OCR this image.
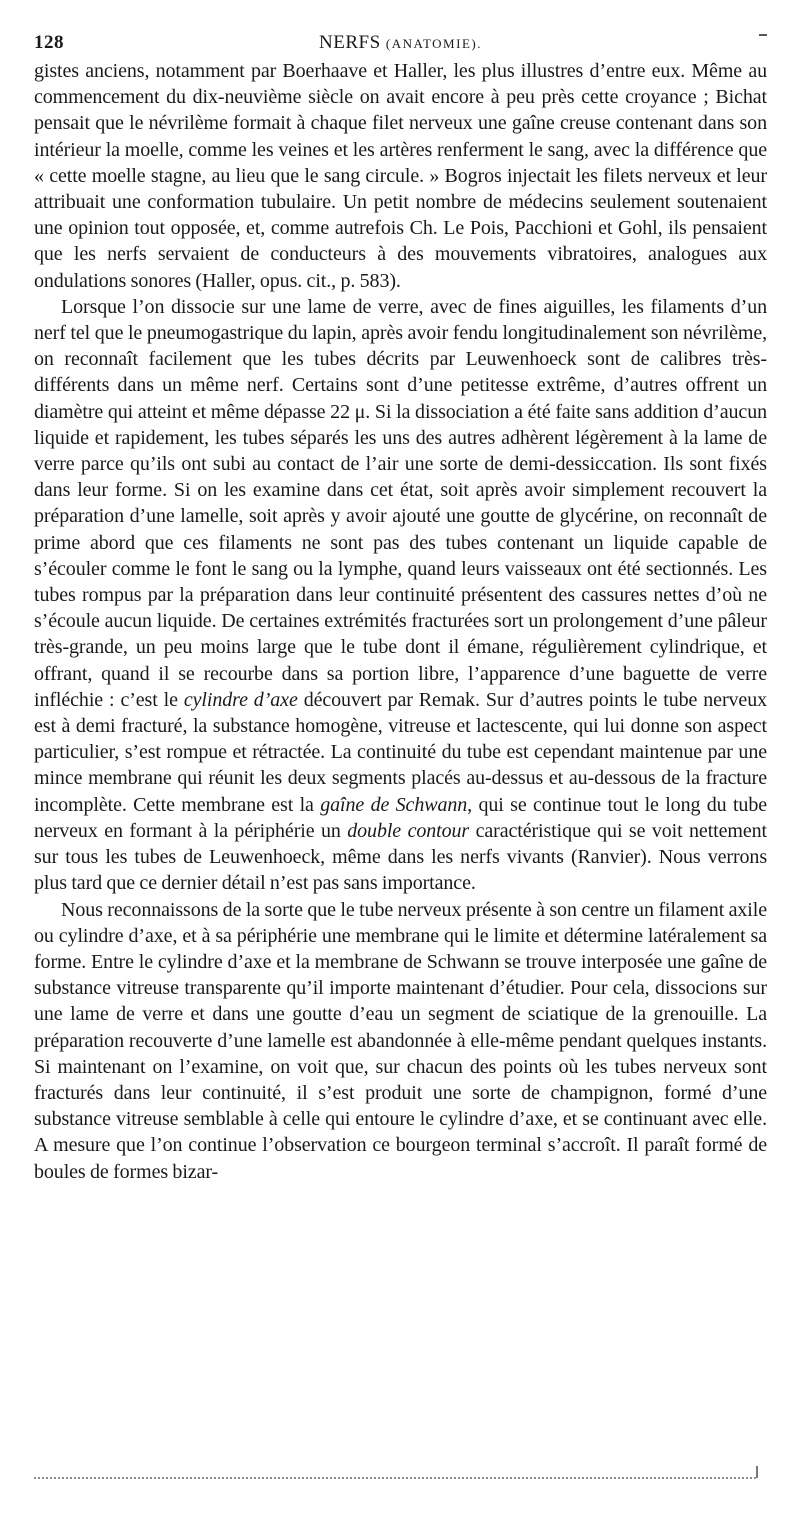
128	NERFS (ANATOMIE).

gistes anciens, notamment par Boerhaave et Haller, les plus illustres d’entre eux. Même au commencement du dix-neuvième siècle on avait encore à peu près cette croyance ; Bichat pensait que le névrilème formait à chaque filet nerveux une gaîne creuse contenant dans son intérieur la moelle, comme les veines et les artères renferment le sang, avec la différence que « cette moelle stagne, au lieu que le sang circule. » Bogros injectait les filets nerveux et leur attribuait une conformation tubulaire. Un petit nombre de médecins seulement soutenaient une opinion tout opposée, et, comme autrefois Ch. Le Pois, Pacchioni et Gohl, ils pensaient que les nerfs servaient de conducteurs à des mouvements vibratoires, analogues aux ondulations sonores (Haller, opus. cit., p. 583).

Lorsque l’on dissocie sur une lame de verre, avec de fines aiguilles, les filaments d’un nerf tel que le pneumogastrique du lapin, après avoir fendu longitudinalement son névrilème, on reconnaît facilement que les tubes décrits par Leuwenhoeck sont de calibres très-différents dans un même nerf. Certains sont d’une petitesse extrême, d’autres offrent un diamètre qui atteint et même dépasse 22 μ. Si la dissociation a été faite sans addition d’aucun liquide et rapidement, les tubes séparés les uns des autres adhèrent légèrement à la lame de verre parce qu’ils ont subi au contact de l’air une sorte de demi-dessiccation. Ils sont fixés dans leur forme. Si on les examine dans cet état, soit après avoir simplement recouvert la préparation d’une lamelle, soit après y avoir ajouté une goutte de glycérine, on reconnaît de prime abord que ces filaments ne sont pas des tubes contenant un liquide capable de s’écouler comme le font le sang ou la lymphe, quand leurs vaisseaux ont été sectionnés. Les tubes rompus par la préparation dans leur continuité présentent des cassures nettes d’où ne s’écoule aucun liquide. De certaines extrémités fracturées sort un prolongement d’une pâleur très-grande, un peu moins large que le tube dont il émane, régulièrement cylindrique, et offrant, quand il se recourbe dans sa portion libre, l’apparence d’une baguette de verre infléchie : c’est le cylindre d’axe découvert par Remak. Sur d’autres points le tube nerveux est à demi fracturé, la substance homogène, vitreuse et lactescente, qui lui donne son aspect particulier, s’est rompue et rétractée. La continuité du tube est cependant maintenue par une mince membrane qui réunit les deux segments placés au-dessus et au-dessous de la fracture incomplète. Cette membrane est la gaîne de Schwann, qui se continue tout le long du tube nerveux en formant à la périphérie un double contour caractéristique qui se voit nettement sur tous les tubes de Leuwenhoeck, même dans les nerfs vivants (Ranvier). Nous verrons plus tard que ce dernier détail n’est pas sans importance.

Nous reconnaissons de la sorte que le tube nerveux présente à son centre un filament axile ou cylindre d’axe, et à sa périphérie une membrane qui le limite et détermine latéralement sa forme. Entre le cylindre d’axe et la membrane de Schwann se trouve interposée une gaîne de substance vitreuse transparente qu’il importe maintenant d’étudier. Pour cela, dissocions sur une lame de verre et dans une goutte d’eau un segment de sciatique de la grenouille. La préparation recouverte d’une lamelle est abandonnée à elle-même pendant quelques instants. Si maintenant on l’examine, on voit que, sur chacun des points où les tubes nerveux sont fracturés dans leur continuité, il s’est produit une sorte de champignon, formé d’une substance vitreuse semblable à celle qui entoure le cylindre d’axe, et se continuant avec elle. A mesure que l’on continue l’observation ce bourgeon terminal s’accroît. Il paraît formé de boules de formes bizar-
